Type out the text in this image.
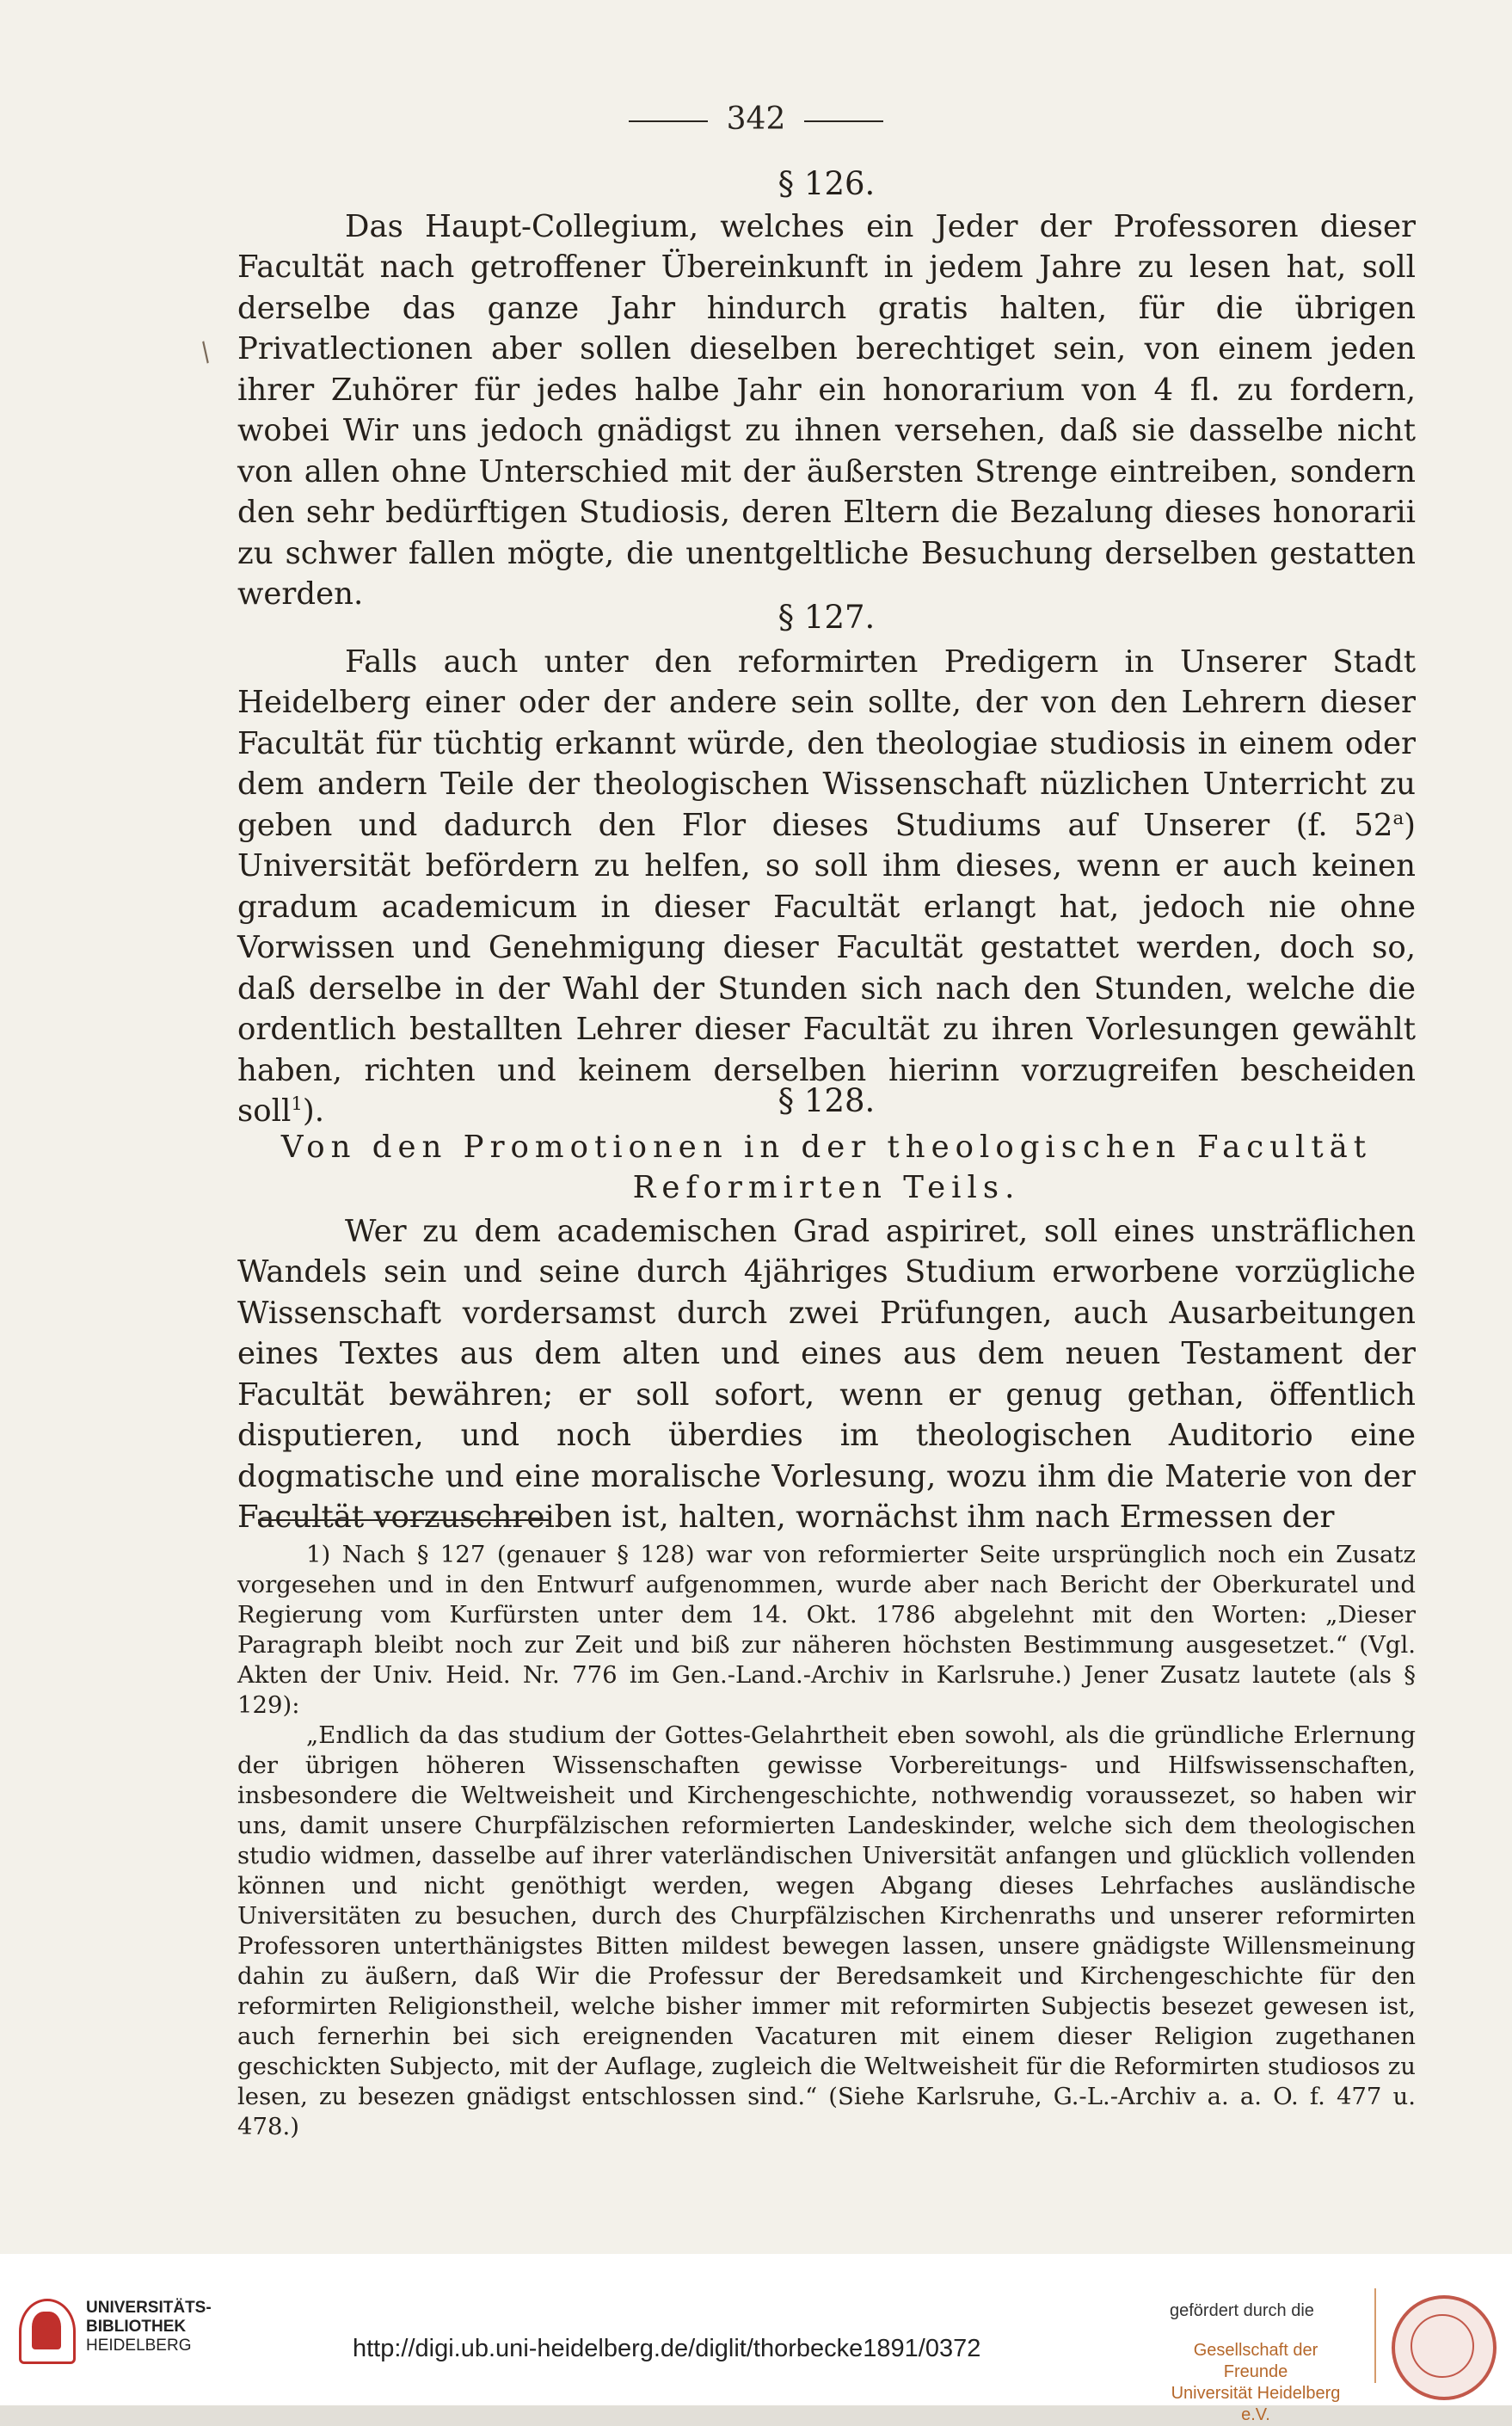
342
/

§ 126.

Das Haupt-Collegium, welches ein Jeder der Professoren dieser Facultät nach getroffener Übereinkunft in jedem Jahre zu lesen hat, soll derselbe das ganze Jahr hindurch gratis halten, für die übrigen Privatlectionen aber sollen dieselben berechtiget sein, von einem jeden ihrer Zuhörer für jedes halbe Jahr ein honorarium von 4 fl. zu fordern, wobei Wir uns jedoch gnädigst zu ihnen versehen, daß sie dasselbe nicht von allen ohne Unterschied mit der äußersten Strenge eintreiben, sondern den sehr bedürftigen Studiosis, deren Eltern die Bezalung dieses honorarii zu schwer fallen mögte, die unentgeltliche Besuchung derselben gestatten werden.

§ 127.

Falls auch unter den reformirten Predigern in Unserer Stadt Heidelberg einer oder der andere sein sollte, der von den Lehrern dieser Facultät für tüchtig erkannt würde, den theologiae studiosis in einem oder dem andern Teile der theologischen Wissenschaft nüzlichen Unterricht zu geben und dadurch den Flor dieses Studiums auf Unserer (f. 52$^a$) Universität befördern zu helfen, so soll ihm dieses, wenn er auch keinen gradum academicum in dieser Facultät erlangt hat, jedoch nie ohne Vorwissen und Genehmigung dieser Facultät gestattet werden, doch so, daß derselbe in der Wahl der Stunden sich nach den Stunden, welche die ordentlich bestallten Lehrer dieser Facultät zu ihren Vorlesungen gewählt haben, richten und keinem derselben hierinn vorzugreifen bescheiden soll$^1$).	§ 128.

Von den Promotionen in der theologischen Facultät Reformirten Teils.

Wer zu dem academischen Grad aspiriret, soll eines unsträflichen Wandels sein und seine durch 4jähriges Studium erworbene vorzügliche Wissenschaft vordersamst durch zwei Prüfungen, auch Ausarbeitungen eines Textes aus dem alten und eines aus dem neuen Testament der Facultät bewähren; er soll sofort, wenn er genug gethan, öffentlich disputieren, und noch überdies im theologischen Auditorio eine dogmatische und eine moralische Vorlesung, wozu ihm die Materie von der Facultät vorzuschreiben ist, halten, wornächst ihm nach Ermessen der

1) Nach § 127 (genauer § 128) war von reformierter Seite ursprünglich noch ein Zusatz vorgesehen und in den Entwurf aufgenommen, wurde aber nach Bericht der Oberkuratel und Regierung vom Kurfürsten unter dem 14. Okt. 1786 abgelehnt mit den Worten: „Dieser Paragraph bleibt noch zur Zeit und biß zur näheren höchsten Bestimmung ausgesetzet.“ (Vgl. Akten der Univ. Heid. Nr. 776 im Gen.-Land.-Archiv in Karlsruhe.) Jener Zusatz lautete (als § 129):

„Endlich da das studium der Gottes-Gelahrtheit eben sowohl, als die gründliche Erlernung der übrigen höheren Wissenschaften gewisse Vorbereitungs- und Hilfswissenschaften, insbesondere die Weltweisheit und Kirchengeschichte, nothwendig voraussezet, so haben wir uns, damit unsere Churpfälzischen reformierten Landeskinder, welche sich dem theologischen studio widmen, dasselbe auf ihrer vaterländischen Universität anfangen und glücklich vollenden können und nicht genöthigt werden, wegen Abgang dieses Lehrfaches ausländische Universitäten zu besuchen, durch des Churpfälzischen Kirchenraths und unserer reformirten Professoren unterthänigstes Bitten mildest bewegen lassen, unsere gnädigste Willensmeinung dahin zu äußern, daß Wir die Professur der Beredsamkeit und Kirchengeschichte für den reformirten Religionstheil, welche bisher immer mit reformirten Subjectis besezet gewesen ist, auch fernerhin bei sich ereignenden Vacaturen mit einem dieser Religion zugethanen geschickten Subjecto, mit der Auflage, zugleich die Weltweisheit für die Reformirten studiosos zu lesen, zu besezen gnädigst entschlossen sind.“ (Siehe Karlsruhe, G.-L.-Archiv a. a. O. f. 477 u. 478.)

UNIVERSITÄTS-
BIBLIOTHEK
HEIDELBERG	http://digi.ub.uni-heidelberg.de/diglit/thorbecke1891/0372
gefördert durch die
Gesellschaft der Freunde
Universität Heidelberg e.V.
